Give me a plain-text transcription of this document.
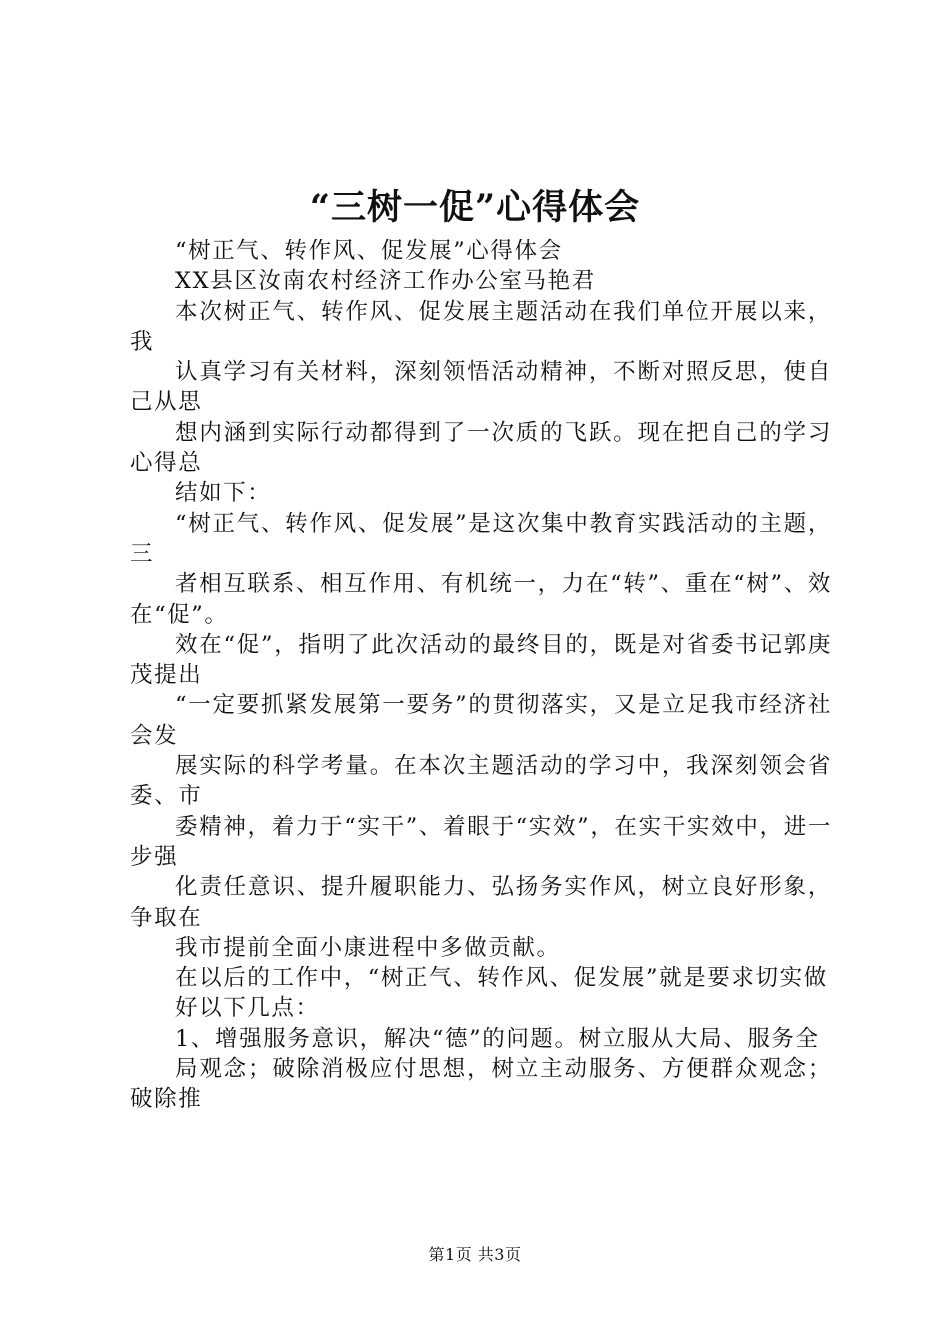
“三树一促”心得体会

“树正气、转作风、促发展”心得体会

XX县区汝南农村经济工作办公室马艳君

本次树正气、转作风、促发展主题活动在我们单位开展以来，我

认真学习有关材料，深刻领悟活动精神，不断对照反思，使自己从思

想内涵到实际行动都得到了一次质的飞跃。现在把自己的学习心得总

结如下：

“树正气、转作风、促发展”是这次集中教育实践活动的主题，三

者相互联系、相互作用、有机统一，力在“转”、重在“树”、效在“促”。

效在“促”，指明了此次活动的最终目的，既是对省委书记郭庚茂提出

“一定要抓紧发展第一要务”的贯彻落实，又是立足我市经济社会发

展实际的科学考量。在本次主题活动的学习中，我深刻领会省委、市

委精神，着力于“实干”、着眼于“实效”，在实干实效中，进一步强

化责任意识、提升履职能力、弘扬务实作风，树立良好形象，争取在

我市提前全面小康进程中多做贡献。

在以后的工作中，“树正气、转作风、促发展”就是要求切实做

好以下几点：

1、增强服务意识，解决“德”的问题。树立服从大局、服务全

局观念；破除消极应付思想，树立主动服务、方便群众观念；破除推

第1页 共3页
